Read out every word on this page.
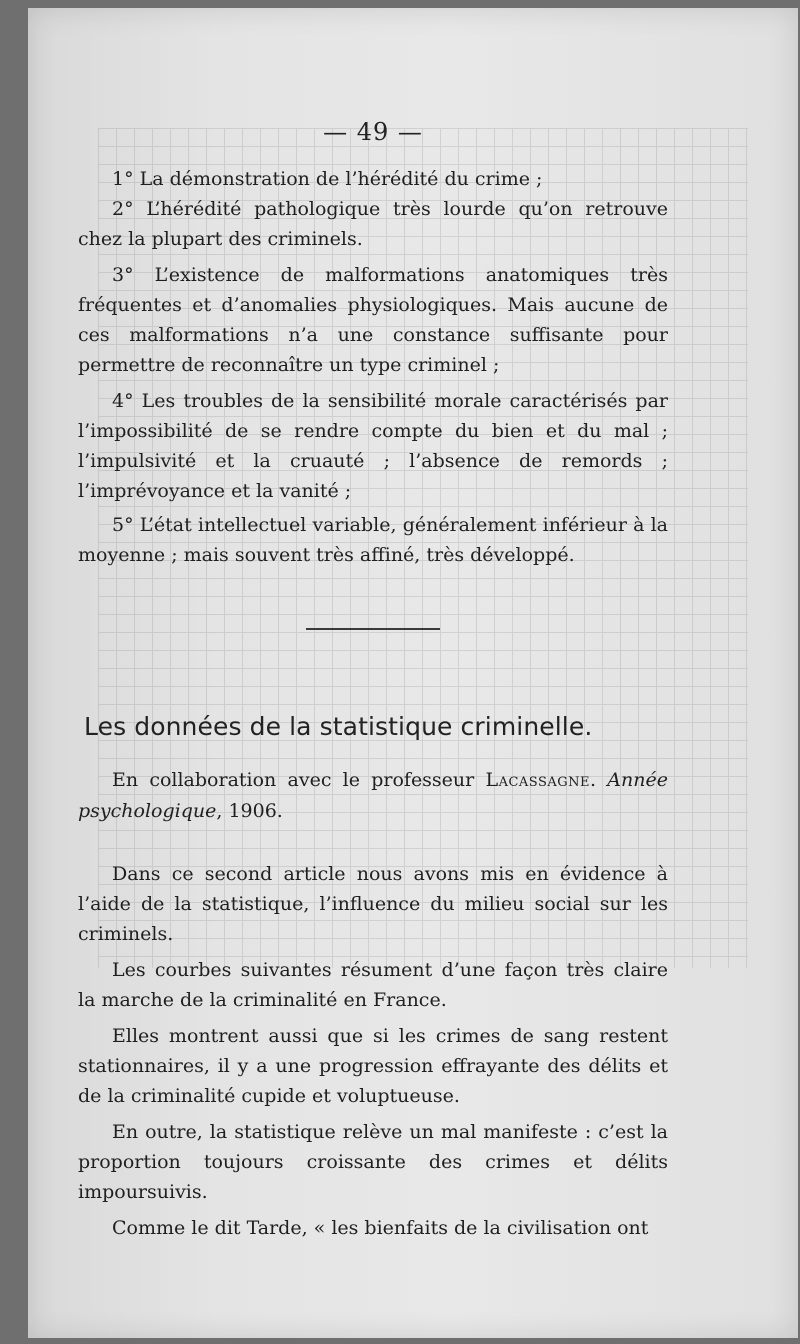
— 49 —

1° La démonstration de l’hérédité du crime ;

2° L’hérédité pathologique très lourde qu’on retrouve chez la plupart des criminels.

3° L’existence de malformations anatomiques très fréquentes et d’anomalies physiologiques. Mais aucune de ces malformations n’a une constance suffisante pour permettre de reconnaître un type criminel ;

4° Les troubles de la sensibilité morale caractérisés par l’impossibilité de se rendre compte du bien et du mal ; l’impulsivité et la cruauté ; l’absence de remords ; l’imprévoyance et la vanité ;

5° L’état intellectuel variable, généralement inférieur à la moyenne ; mais souvent très affiné, très développé.

Les données de la statistique criminelle.

En collaboration avec le professeur Lacassagne. Année psychologique, 1906.

Dans ce second article nous avons mis en évidence à l’aide de la statistique, l’influence du milieu social sur les criminels.

Les courbes suivantes résument d’une façon très claire la marche de la criminalité en France.

Elles montrent aussi que si les crimes de sang restent stationnaires, il y a une progression effrayante des délits et de la criminalité cupide et voluptueuse.

En outre, la statistique relève un mal manifeste : c’est la proportion toujours croissante des crimes et délits impoursuivis.

Comme le dit Tarde, « les bienfaits de la civilisation ont
